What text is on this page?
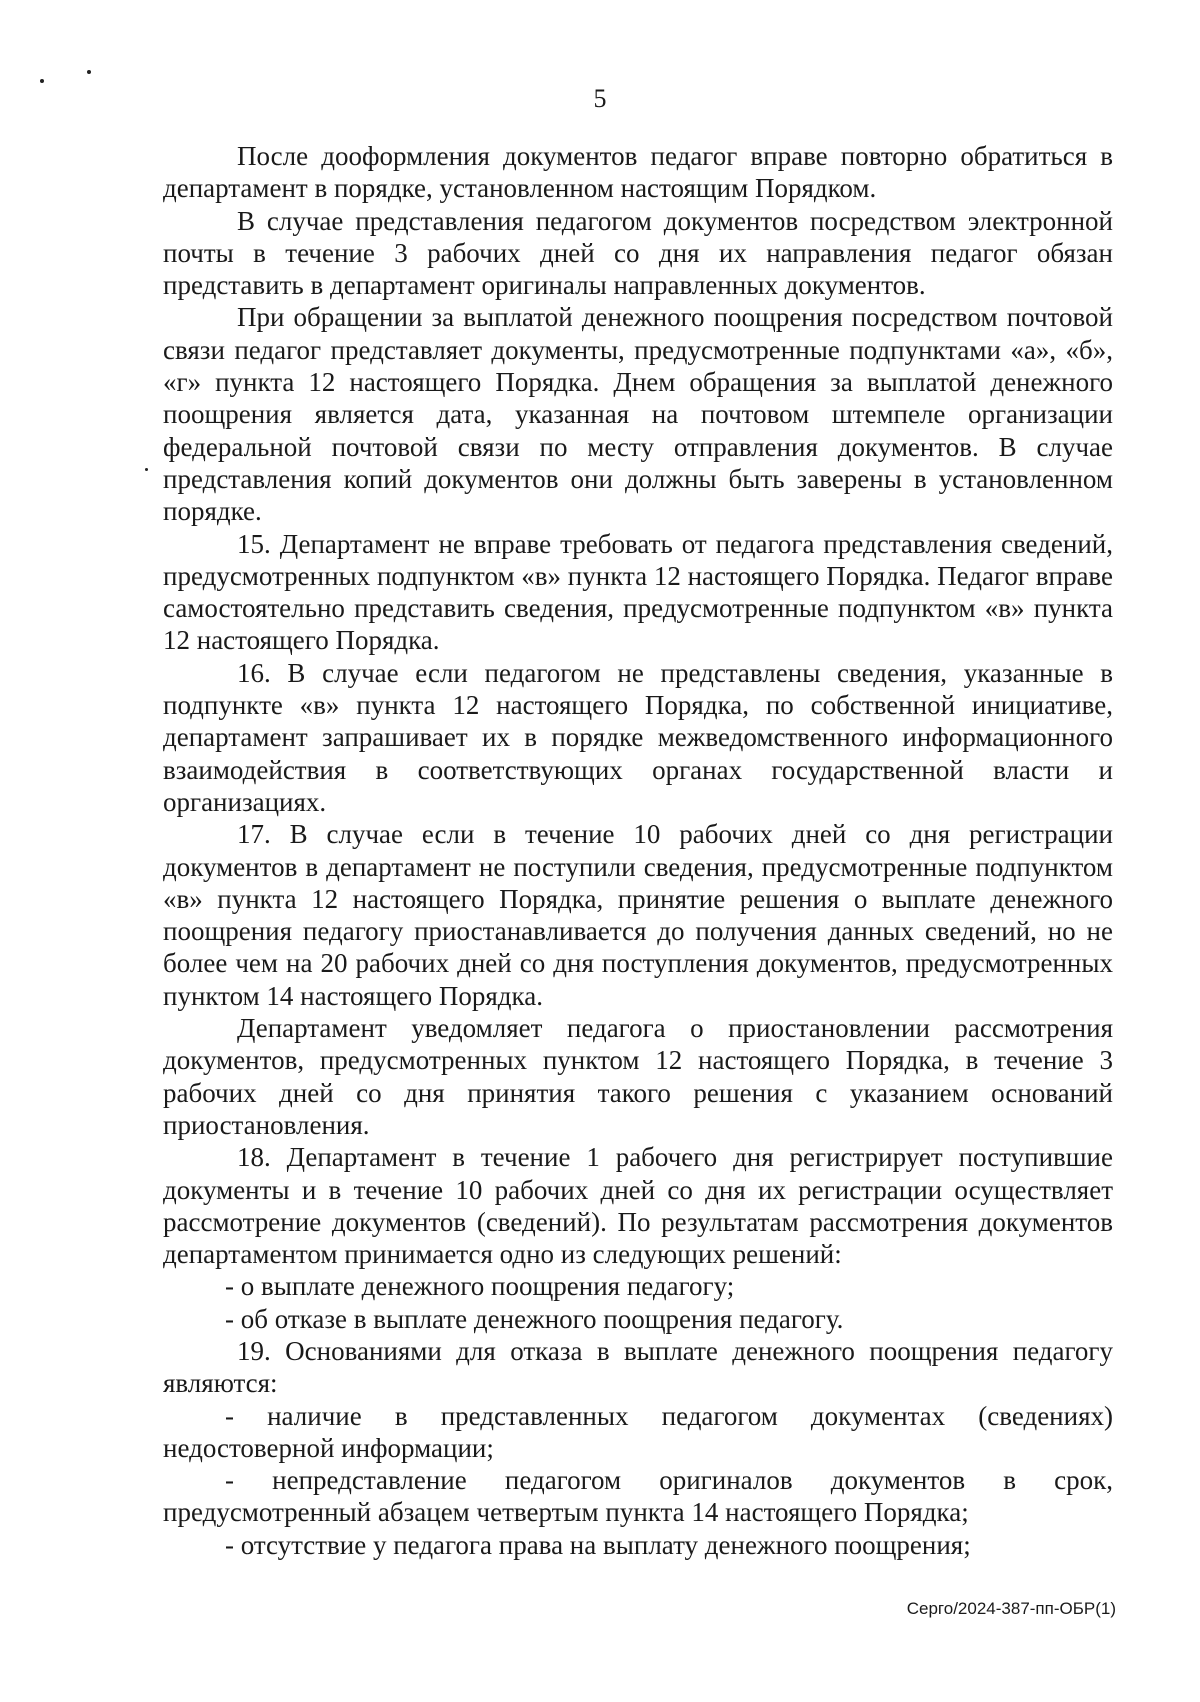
5

После дооформления документов педагог вправе повторно обратиться в департамент в порядке, установленном настоящим Порядком.

В случае представления педагогом документов посредством электронной почты в течение 3 рабочих дней со дня их направления педагог обязан представить в департамент оригиналы направленных документов.

При обращении за выплатой денежного поощрения посредством почтовой связи педагог представляет документы, предусмотренные подпунктами «а», «б», «г» пункта 12 настоящего Порядка. Днем обращения за выплатой денежного поощрения является дата, указанная на почтовом штемпеле организации федеральной почтовой связи по месту отправления документов. В случае представления копий документов они должны быть заверены в установленном порядке.

15. Департамент не вправе требовать от педагога представления сведений, предусмотренных подпунктом «в» пункта 12 настоящего Порядка. Педагог вправе самостоятельно представить сведения, предусмотренные подпунктом «в» пункта 12 настоящего Порядка.

16. В случае если педагогом не представлены сведения, указанные в подпункте «в» пункта 12 настоящего Порядка, по собственной инициативе, департамент запрашивает их в порядке межведомственного информационного взаимодействия в соответствующих органах государственной власти и организациях.

17. В случае если в течение 10 рабочих дней со дня регистрации документов в департамент не поступили сведения, предусмотренные подпунктом «в» пункта 12 настоящего Порядка, принятие решения о выплате денежного поощрения педагогу приостанавливается до получения данных сведений, но не более чем на 20 рабочих дней со дня поступления документов, предусмотренных пунктом 14 настоящего Порядка.

Департамент уведомляет педагога о приостановлении рассмотрения документов, предусмотренных пунктом 12 настоящего Порядка, в течение 3 рабочих дней со дня принятия такого решения с указанием оснований приостановления.

18. Департамент в течение 1 рабочего дня регистрирует поступившие документы и в течение 10 рабочих дней со дня их регистрации осуществляет рассмотрение документов (сведений). По результатам рассмотрения документов департаментом принимается одно из следующих решений:

- о выплате денежного поощрения педагогу;

- об отказе в выплате денежного поощрения педагогу.

19. Основаниями для отказа в выплате денежного поощрения педагогу являются:

- наличие в представленных педагогом документах (сведениях) недостоверной информации;

- непредставление педагогом оригиналов документов в срок, предусмотренный абзацем четвертым пункта 14 настоящего Порядка;

- отсутствие у педагога права на выплату денежного поощрения;

Серго/2024-387-пп-ОБР(1)
